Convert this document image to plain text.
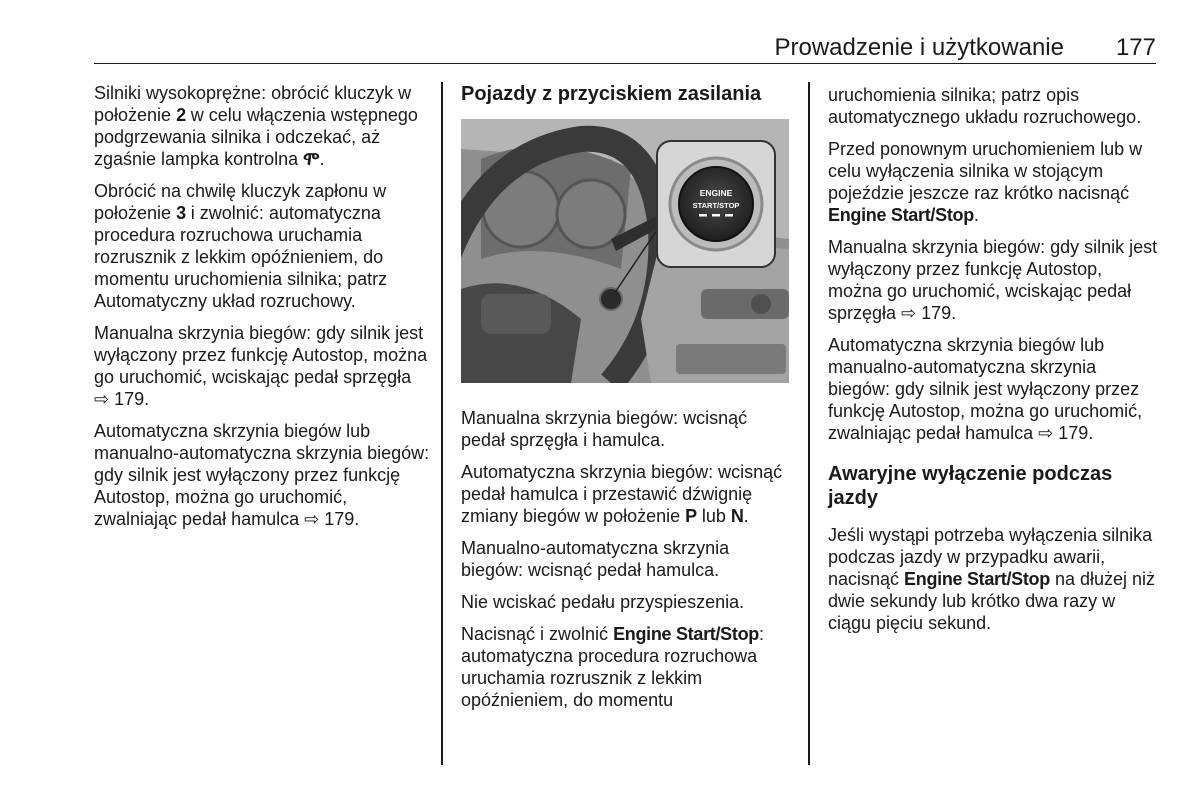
Prowadzenie i użytkowanie 177

Silniki wysokoprężne: obrócić kluczyk w położenie 2 w celu włączenia wstępnego podgrzewania silnika i odczekać, aż zgaśnie lampka kontrolna ሞ.

Obrócić na chwilę kluczyk zapłonu w położenie 3 i zwolnić: automatyczna procedura rozruchowa uruchamia rozrusznik z lekkim opóźnieniem, do momentu uruchomienia silnika; patrz Automatyczny układ rozruchowy.

Manualna skrzynia biegów: gdy silnik jest wyłączony przez funkcję Autostop, można go uruchomić, wciskając pedał sprzęgła ⇨ 179.

Automatyczna skrzynia biegów lub manualno-automatyczna skrzynia biegów: gdy silnik jest wyłączony przez funkcję Autostop, można go uruchomić, zwalniając pedał hamulca ⇨ 179.

Pojazdy z przyciskiem zasilania
ENGINE
START/STOP

Manualna skrzynia biegów: wcisnąć pedał sprzęgła i hamulca.

Automatyczna skrzynia biegów: wcisnąć pedał hamulca i przestawić dźwignię zmiany biegów w położenie P lub N.

Manualno-automatyczna skrzynia biegów: wcisnąć pedał hamulca.

Nie wciskać pedału przyspieszenia.

Nacisnąć i zwolnić Engine Start/Stop: automatyczna procedura rozruchowa uruchamia rozrusznik z lekkim opóźnieniem, do momentu

uruchomienia silnika; patrz opis automatycznego układu rozruchowego.

Przed ponownym uruchomieniem lub w celu wyłączenia silnika w stojącym pojeździe jeszcze raz krótko nacisnąć Engine Start/Stop.

Manualna skrzynia biegów: gdy silnik jest wyłączony przez funkcję Autostop, można go uruchomić, wciskając pedał sprzęgła ⇨ 179.

Automatyczna skrzynia biegów lub manualno-automatyczna skrzynia biegów: gdy silnik jest wyłączony przez funkcję Autostop, można go uruchomić, zwalniając pedał hamulca ⇨ 179.

Awaryjne wyłączenie podczas jazdy

Jeśli wystąpi potrzeba wyłączenia silnika podczas jazdy w przypadku awarii, nacisnąć Engine Start/Stop na dłużej niż dwie sekundy lub krótko dwa razy w ciągu pięciu sekund.
